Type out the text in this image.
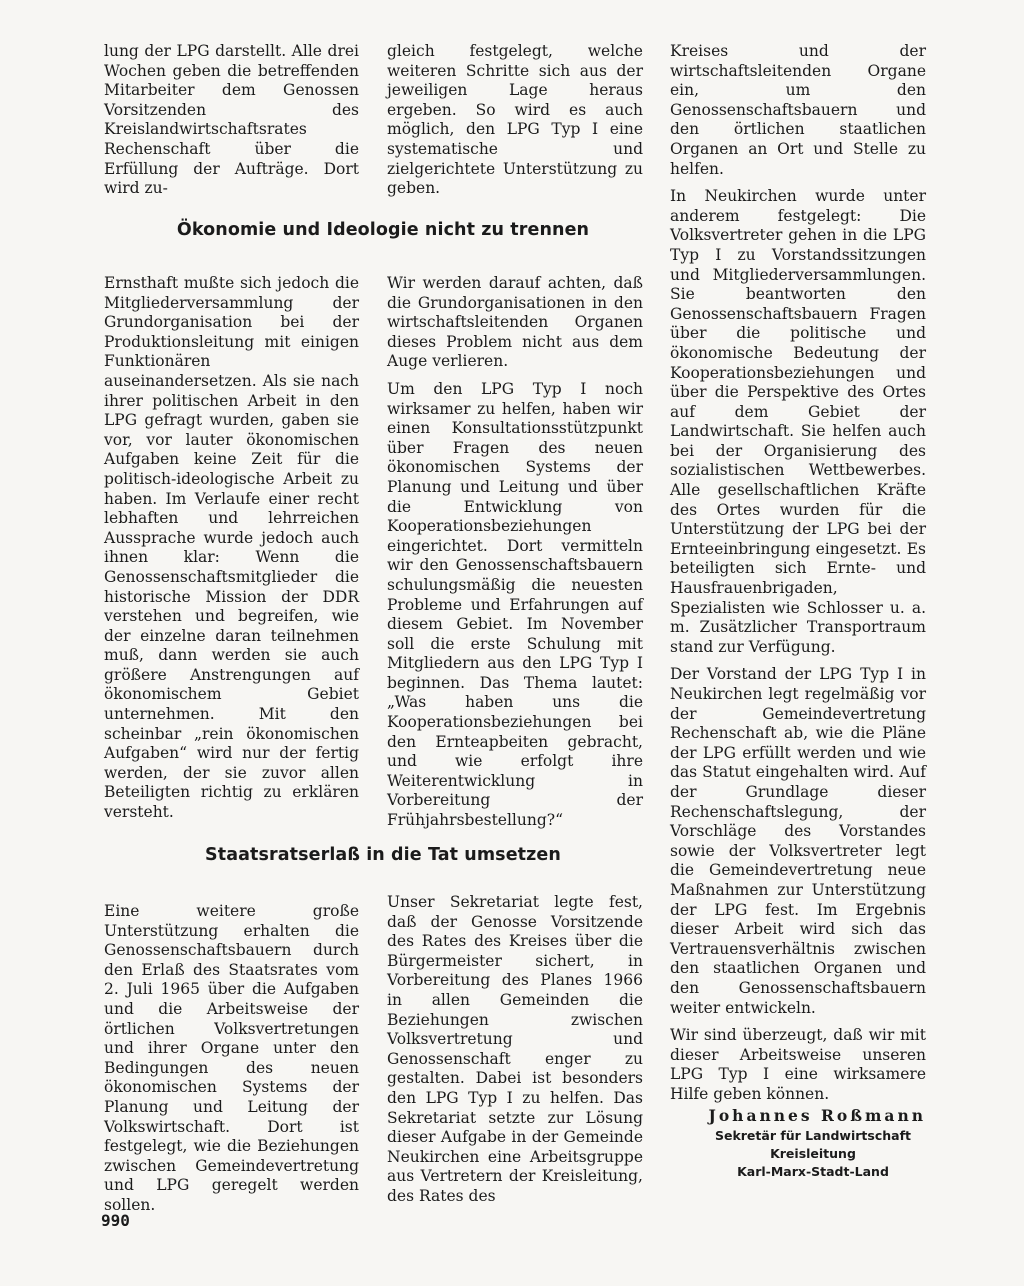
lung der LPG darstellt. Alle drei Wochen geben die betreffenden Mitarbeiter dem Genossen Vorsitzenden des Kreislandwirtschaftsrates Rechenschaft über die Erfüllung der Aufträge. Dort wird zu-

gleich festgelegt, welche weiteren Schritte sich aus der jeweiligen Lage heraus ergeben. So wird es auch möglich, den LPG Typ I eine systematische und zielgerichtete Unterstützung zu geben.

Ökonomie und Ideologie nicht zu trennen

Ernsthaft mußte sich jedoch die Mitgliederversammlung der Grundorganisation bei der Produktionsleitung mit einigen Funktionären auseinandersetzen. Als sie nach ihrer politischen Arbeit in den LPG gefragt wurden, gaben sie vor, vor lauter ökonomischen Aufgaben keine Zeit für die politisch-ideologische Arbeit zu haben. Im Verlaufe einer recht lebhaften und lehrreichen Aussprache wurde jedoch auch ihnen klar: Wenn die Genossenschaftsmitglieder die historische Mission der DDR verstehen und begreifen, wie der einzelne daran teilnehmen muß, dann werden sie auch größere Anstrengungen auf ökonomischem Gebiet unternehmen. Mit den scheinbar „rein ökonomischen Aufgaben“ wird nur der fertig werden, der sie zuvor allen Beteiligten richtig zu erklären versteht.

Wir werden darauf achten, daß die Grundorganisationen in den wirtschaftsleitenden Organen dieses Problem nicht aus dem Auge verlieren.

Um den LPG Typ I noch wirksamer zu helfen, haben wir einen Konsultationsstützpunkt über Fragen des neuen ökonomischen Systems der Planung und Leitung und über die Entwicklung von Kooperationsbeziehungen eingerichtet. Dort vermitteln wir den Genossenschaftsbauern schulungsmäßig die neuesten Probleme und Erfahrungen auf diesem Gebiet. Im November soll die erste Schulung mit Mitgliedern aus den LPG Typ I beginnen. Das Thema lautet: „Was haben uns die Kooperationsbeziehungen bei den Ernteарbeiten gebracht, und wie erfolgt ihre Weiterentwicklung in Vorbereitung der Frühjahrsbestellung?“

Staatsratserlaß in die Tat umsetzen

Eine weitere große Unterstützung erhalten die Genossenschaftsbauern durch den Erlaß des Staatsrates vom 2. Juli 1965 über die Aufgaben und die Arbeitsweise der örtlichen Volksvertretungen und ihrer Organe unter den Bedingungen des neuen ökonomischen Systems der Planung und Leitung der Volkswirtschaft. Dort ist festgelegt, wie die Beziehungen zwischen Gemeindevertretung und LPG geregelt werden sollen.

Unser Sekretariat legte fest, daß der Genosse Vorsitzende des Rates des Kreises über die Bürgermeister sichert, in Vorbereitung des Planes 1966 in allen Gemeinden die Beziehungen zwischen Volksvertretung und Genossenschaft enger zu gestalten. Dabei ist besonders den LPG Typ I zu helfen. Das Sekretariat setzte zur Lösung dieser Aufgabe in der Gemeinde Neukirchen eine Arbeitsgruppe aus Vertretern der Kreisleitung, des Rates des

Kreises und der wirtschaftsleitenden Organe ein, um den Genossenschaftsbauern und den örtlichen staatlichen Organen an Ort und Stelle zu helfen.

In Neukirchen wurde unter anderem festgelegt: Die Volksvertreter gehen in die LPG Typ I zu Vorstandssitzungen und Mitgliederversammlungen. Sie beantworten den Genossenschaftsbauern Fragen über die politische und ökonomische Bedeutung der Kooperationsbeziehungen und über die Perspektive des Ortes auf dem Gebiet der Landwirtschaft. Sie helfen auch bei der Organisierung des sozialistischen Wettbewerbes. Alle gesellschaftlichen Kräfte des Ortes wurden für die Unterstützung der LPG bei der Ernteeinbringung eingesetzt. Es beteiligten sich Ernte- und Hausfrauenbrigaden, Spezialisten wie Schlosser u. a. m. Zusätzlicher Transportraum stand zur Verfügung.

Der Vorstand der LPG Typ I in Neukirchen legt regelmäßig vor der Gemeindevertretung Rechenschaft ab, wie die Pläne der LPG erfüllt werden und wie das Statut eingehalten wird. Auf der Grundlage dieser Rechenschaftslegung, der Vorschläge des Vorstandes sowie der Volksvertreter legt die Gemeindevertretung neue Maßnahmen zur Unterstützung der LPG fest. Im Ergebnis dieser Arbeit wird sich das Vertrauensverhältnis zwischen den staatlichen Organen und den Genossenschaftsbauern weiter entwickeln.

Wir sind überzeugt, daß wir mit dieser Arbeitsweise unseren LPG Typ I eine wirksamere Hilfe geben können.

Johannes Roßmann
Sekretär für Landwirtschaft
Kreisleitung
Karl-Marx-Stadt-Land
990
